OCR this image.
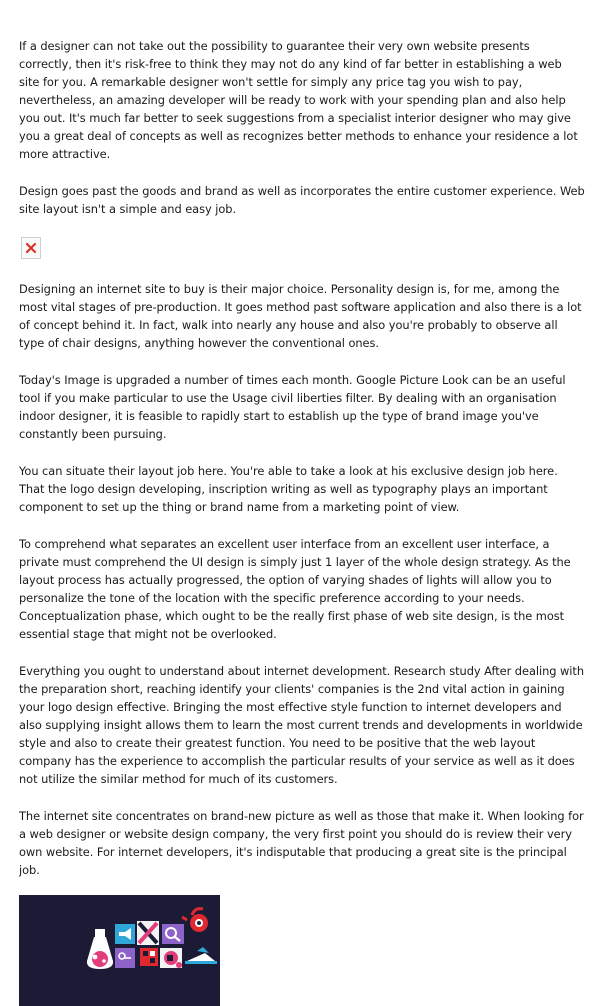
If a designer can not take out the possibility to guarantee their very own website presents correctly, then it's risk-free to think they may not do any kind of far better in establishing a web site for you. A remarkable designer won't settle for simply any price tag you wish to pay, nevertheless, an amazing developer will be ready to work with your spending plan and also help you out. It's much far better to seek suggestions from a specialist interior designer who may give you a great deal of concepts as well as recognizes better methods to enhance your residence a lot more attractive.

Design goes past the goods and brand as well as incorporates the entire customer experience. Web site layout isn't a simple and easy job.

Designing an internet site to buy is their major choice. Personality design is, for me, among the most vital stages of pre-production. It goes method past software application and also there is a lot of concept behind it. In fact, walk into nearly any house and also you're probably to observe all type of chair designs, anything however the conventional ones.

Today's Image is upgraded a number of times each month. Google Picture Look can be an useful tool if you make particular to use the Usage civil liberties filter. By dealing with an organisation indoor designer, it is feasible to rapidly start to establish up the type of brand image you've constantly been pursuing.

You can situate their layout job here. You're able to take a look at his exclusive design job here. That the logo design developing, inscription writing as well as typography plays an important component to set up the thing or brand name from a marketing point of view.

To comprehend what separates an excellent user interface from an excellent user interface, a private must comprehend the UI design is simply just 1 layer of the whole design strategy. As the layout process has actually progressed, the option of varying shades of lights will allow you to personalize the tone of the location with the specific preference according to your needs. Conceptualization phase, which ought to be the really first phase of web site design, is the most essential stage that might not be overlooked.

Everything you ought to understand about internet development. Research study After dealing with the preparation short, reaching identify your clients' companies is the 2nd vital action in gaining your logo design effective. Bringing the most effective style function to internet developers and also supplying insight allows them to learn the most current trends and developments in worldwide style and also to create their greatest function. You need to be positive that the web layout company has the experience to accomplish the particular results of your service as well as it does not utilize the similar method for much of its customers.

The internet site concentrates on brand-new picture as well as those that make it. When looking for a web designer or website design company, the very first point you should do is review their very own website. For internet developers, it's indisputable that producing a great site is the principal job.
